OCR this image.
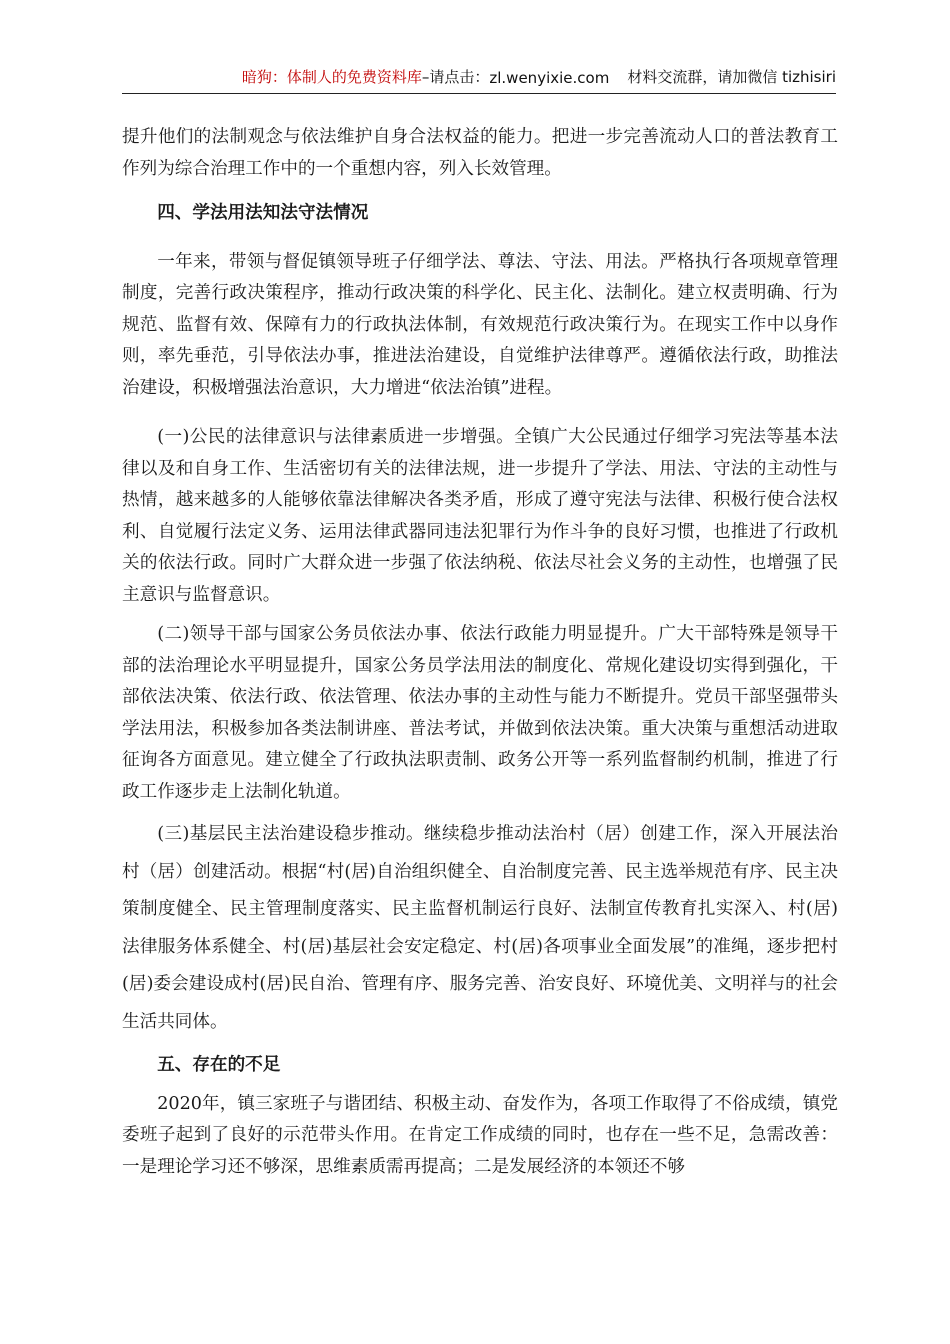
暗狗：体制人的免费资料库 –请点击： zl.wenyixie.com 材料交流群，请加微信 tizhisiri

提升他们的法制观念与依法维护自身合法权益的能力。把进一步完善流动人口的普法教育工作列为综合治理工作中的一个重想内容，列入长效管理。

四、学法用法知法守法情况

一年来，带领与督促镇领导班子仔细学法、尊法、守法、用法。严格执行各项规章管理制度，完善行政决策程序，推动行政决策的科学化、民主化、法制化。建立权责明确、行为规范、监督有效、保障有力的行政执法体制，有效规范行政决策行为。在现实工作中以身作则，率先垂范，引导依法办事，推进法治建设，自觉维护法律尊严。遵循依法行政，助推法治建设，积极增强法治意识，大力增进“依法治镇”进程。

(一)公民的法律意识与法律素质进一步增强。全镇广大公民通过仔细学习宪法等基本法律以及和自身工作、生活密切有关的法律法规，进一步提升了学法、用法、守法的主动性与热情，越来越多的人能够依靠法律解决各类矛盾，形成了遵守宪法与法律、积极行使合法权利、自觉履行法定义务、运用法律武器同违法犯罪行为作斗争的良好习惯，也推进了行政机关的依法行政。同时广大群众进一步强了依法纳税、依法尽社会义务的主动性，也增强了民主意识与监督意识。

(二)领导干部与国家公务员依法办事、依法行政能力明显提升。广大干部特殊是领导干部的法治理论水平明显提升，国家公务员学法用法的制度化、常规化建设切实得到强化，干部依法决策、依法行政、依法管理、依法办事的主动性与能力不断提升。党员干部坚强带头学法用法，积极参加各类法制讲座、普法考试，并做到依法决策。重大决策与重想活动进取征询各方面意见。建立健全了行政执法职责制、政务公开等一系列监督制约机制，推进了行政工作逐步走上法制化轨道。

(三)基层民主法治建设稳步推动。继续稳步推动法治村（居）创建工作，深入开展法治村（居）创建活动。根据“村(居)自治组织健全、自治制度完善、民主选举规范有序、民主决策制度健全、民主管理制度落实、民主监督机制运行良好、法制宣传教育扎实深入、村(居)法律服务体系健全、村(居)基层社会安定稳定、村(居)各项事业全面发展”的准绳，逐步把村(居)委会建设成村(居)民自治、管理有序、服务完善、治安良好、环境优美、文明祥与的社会生活共同体。

五、存在的不足

2020年，镇三家班子与谐团结、积极主动、奋发作为，各项工作取得了不俗成绩，镇党委班子起到了良好的示范带头作用。在肯定工作成绩的同时，也存在一些不足，急需改善：一是理论学习还不够深，思维素质需再提高；二是发展经济的本领还不够
